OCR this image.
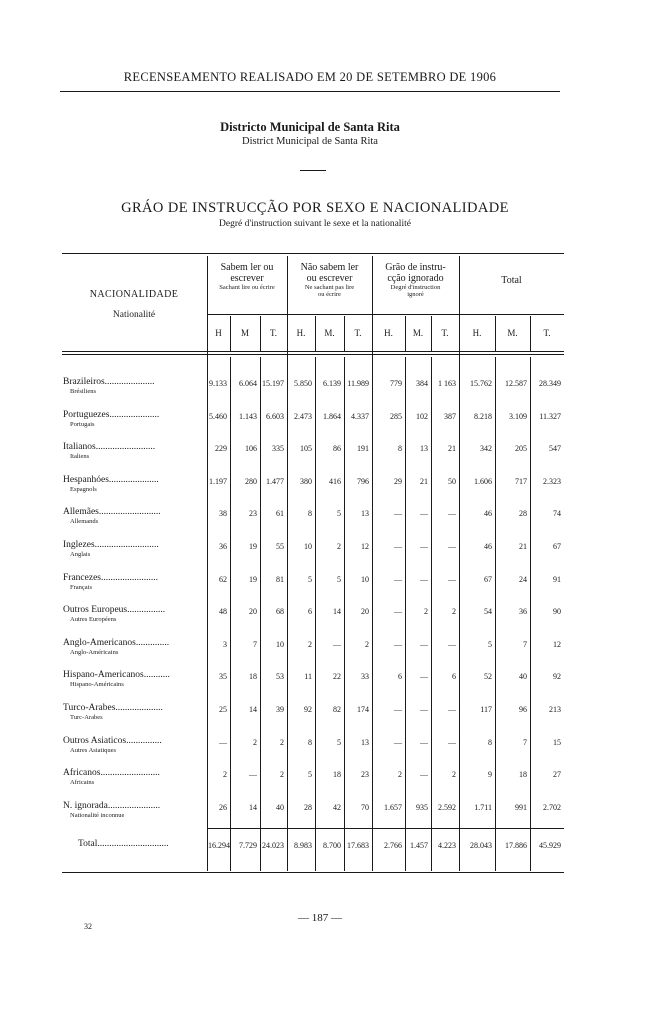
RECENSEAMENTO REALISADO EM 20 DE SETEMBRO DE 1906
Districto Municipal de Santa Rita
District Municipal de Santa Rita
GRÁO DE INSTRUCÇÃO POR SEXO E NACIONALIDADE
Degré d'instruction suivant le sexe et la nationalité
NACIONALIDADE
Nationalité
Sabem ler ou
escrever
Sachant lire ou écrire
Não sabem ler
ou escrever
Ne sachant pas lire
ou écrire
Grão de instru-
cção ignorado
Degré d'instruction
ignoré
Total
H	M	T.	H.	M.	T.	H.	M.	T.	H.	M.	T.
Brazileiros.....................
Brésiliens
9.133	6.064 15.197	5.850	6.139 11.989	779	384	1 163	15.762	12.587	28.349
Portuguezes.....................
Portugais
5.460	1.143	6.603	2.473	1.864	4.337	285	102	387	8.218	3.109	11.327
Italianos.........................
Italiens
229	106	335	105	86	191	8	13	21	342	205	547
Hespanhóes.....................
Espagnols
1.197	280	1.477	380	416	796	29	21	50	1.606	717	2.323
Allemães..........................
Allemands
38	23	61	8	5	13	—	—	—	46	28	74
Inglezes...........................
Anglais
36	19	55	10	2	12	—	—	—	46	21	67
Francezes........................
Français
62	19	81	5	5	10	—	—	—	67	24	91
Outros Europeus................
Autres Européens
48	20	68	6	14	20	—	2	2	54	36	90
Anglo-Americanos..............
Anglo-Américains
3	7	10	2	—	2	—	—	—	5	7	12
Hispano-Americanos...........
Hispano-Américains
35	18	53	11	22	33	6	—	6	52	40	92
Turco-Arabes....................
Turc-Arabes
25	14	39	92	82	174	—	—	—	117	96	213
Outros Asiaticos...............
Autres Asiatiques
—	2	2	8	5	13	—	—	—	8	7	15
Africanos.........................
Africains
2	—	2	5	18	23	2	—	2	9	18	27
N. ignorada......................
Nationalité inconnue
26	14	40	28	42	70	1.657	935	2.592	1.711	991	2.702
Total..............................	16.294	7.729 24.023	8.983	8.700 17.683	2.766	1.457	4.223	28.043	17.886	45.929
— 187 —
32
